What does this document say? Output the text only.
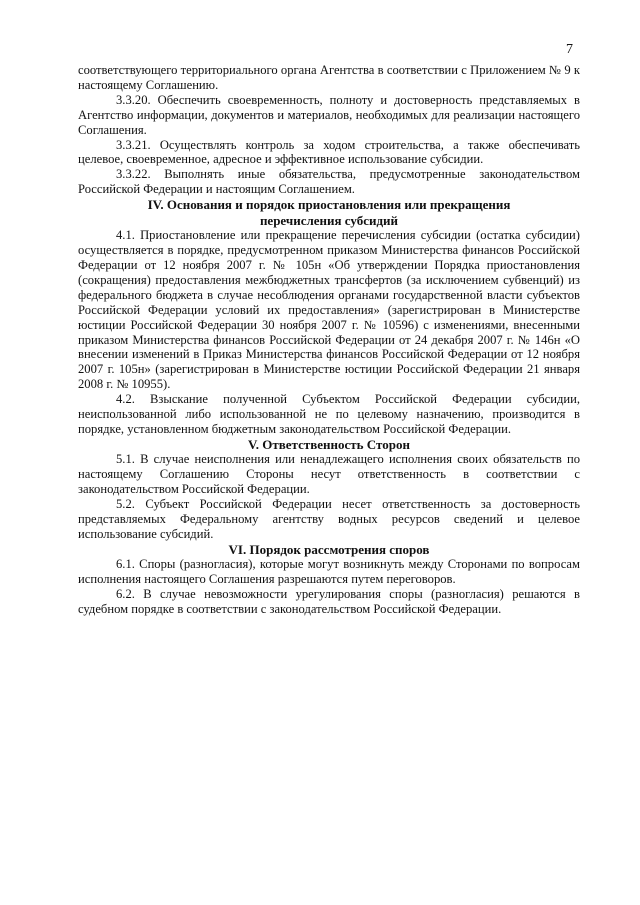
7

соответствующего территориального органа Агентства в соответствии с Приложением № 9 к настоящему Соглашению.

3.3.20. Обеспечить своевременность, полноту и достоверность представляемых в Агентство информации, документов и материалов, необходимых для реализации настоящего Соглашения.

3.3.21. Осуществлять контроль за ходом строительства, а также обеспечивать целевое, своевременное, адресное и эффективное использование субсидии.

3.3.22. Выполнять иные обязательства, предусмотренные законодательством Российской Федерации и настоящим Соглашением.

IV. Основания и порядок приостановления или прекращения перечисления субсидий

4.1. Приостановление или прекращение перечисления субсидии (остатка субсидии) осуществляется в порядке, предусмотренном приказом Министерства финансов Российской Федерации от 12 ноября 2007 г. № 105н «Об утверждении Порядка приостановления (сокращения) предоставления межбюджетных трансфертов (за исключением субвенций) из федерального бюджета в случае несоблюдения органами государственной власти субъектов Российской Федерации условий их предоставления» (зарегистрирован в Министерстве юстиции Российской Федерации 30 ноября 2007 г. № 10596) с изменениями, внесенными приказом Министерства финансов Российской Федерации от 24 декабря 2007 г. № 146н «О внесении изменений в Приказ Министерства финансов Российской Федерации от 12 ноября 2007 г. 105н» (зарегистрирован в Министерстве юстиции Российской Федерации 21 января 2008 г. № 10955).

4.2. Взыскание полученной Субъектом Российской Федерации субсидии, неиспользованной либо использованной не по целевому назначению, производится в порядке, установленном бюджетным законодательством Российской Федерации.

V. Ответственность Сторон

5.1. В случае неисполнения или ненадлежащего исполнения своих обязательств по настоящему Соглашению Стороны несут ответственность в соответствии с законодательством Российской Федерации.

5.2. Субъект Российской Федерации несет ответственность за достоверность представляемых Федеральному агентству водных ресурсов сведений и целевое использование субсидий.

VI. Порядок рассмотрения споров

6.1. Споры (разногласия), которые могут возникнуть между Сторонами по вопросам исполнения настоящего Соглашения разрешаются путем переговоров.

6.2. В случае невозможности урегулирования споры (разногласия) решаются в судебном порядке в соответствии с законодательством Российской Федерации.
